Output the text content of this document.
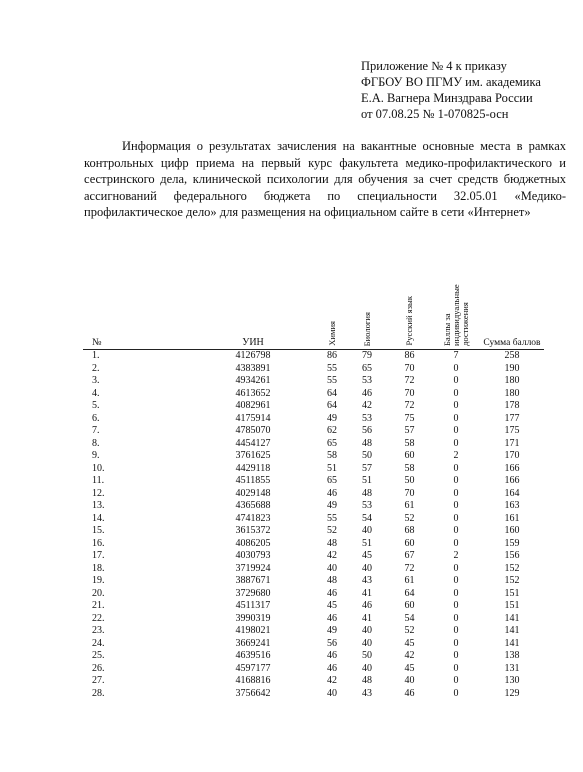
Приложение № 4 к приказу
ФГБОУ ВО ПГМУ им. академика
Е.А. Вагнера Минздрава России
от 07.08.25 № 1-070825-осн
Информация о результатах зачисления на вакантные основные места в рамках контрольных цифр приема на первый курс факультета медико-профилактического и сестринского дела, клинической психологии для обучения за счет средств бюджетных ассигнований федерального бюджета по специальности 32.05.01 «Медико-профилактическое дело» для размещения на официальном сайте в сети «Интернет»
№	УИН	Химия	Биология	Русский язык	Баллы за индивидуальные достижения	Сумма баллов
1.	4126798	86	79	86	7	258
2.	4383891	55	65	70	0	190
3.	4934261	55	53	72	0	180
4.	4613652	64	46	70	0	180
5.	4082961	64	42	72	0	178
6.	4175914	49	53	75	0	177
7.	4785070	62	56	57	0	175
8.	4454127	65	48	58	0	171
9.	3761625	58	50	60	2	170
10.	4429118	51	57	58	0	166
11.	4511855	65	51	50	0	166
12.	4029148	46	48	70	0	164
13.	4365688	49	53	61	0	163
14.	4741823	55	54	52	0	161
15.	3615372	52	40	68	0	160
16.	4086205	48	51	60	0	159
17.	4030793	42	45	67	2	156
18.	3719924	40	40	72	0	152
19.	3887671	48	43	61	0	152
20.	3729680	46	41	64	0	151
21.	4511317	45	46	60	0	151
22.	3990319	46	41	54	0	141
23.	4198021	49	40	52	0	141
24.	3669241	56	40	45	0	141
25.	4639516	46	50	42	0	138
26.	4597177	46	40	45	0	131
27.	4168816	42	48	40	0	130
28.	3756642	40	43	46	0	129
